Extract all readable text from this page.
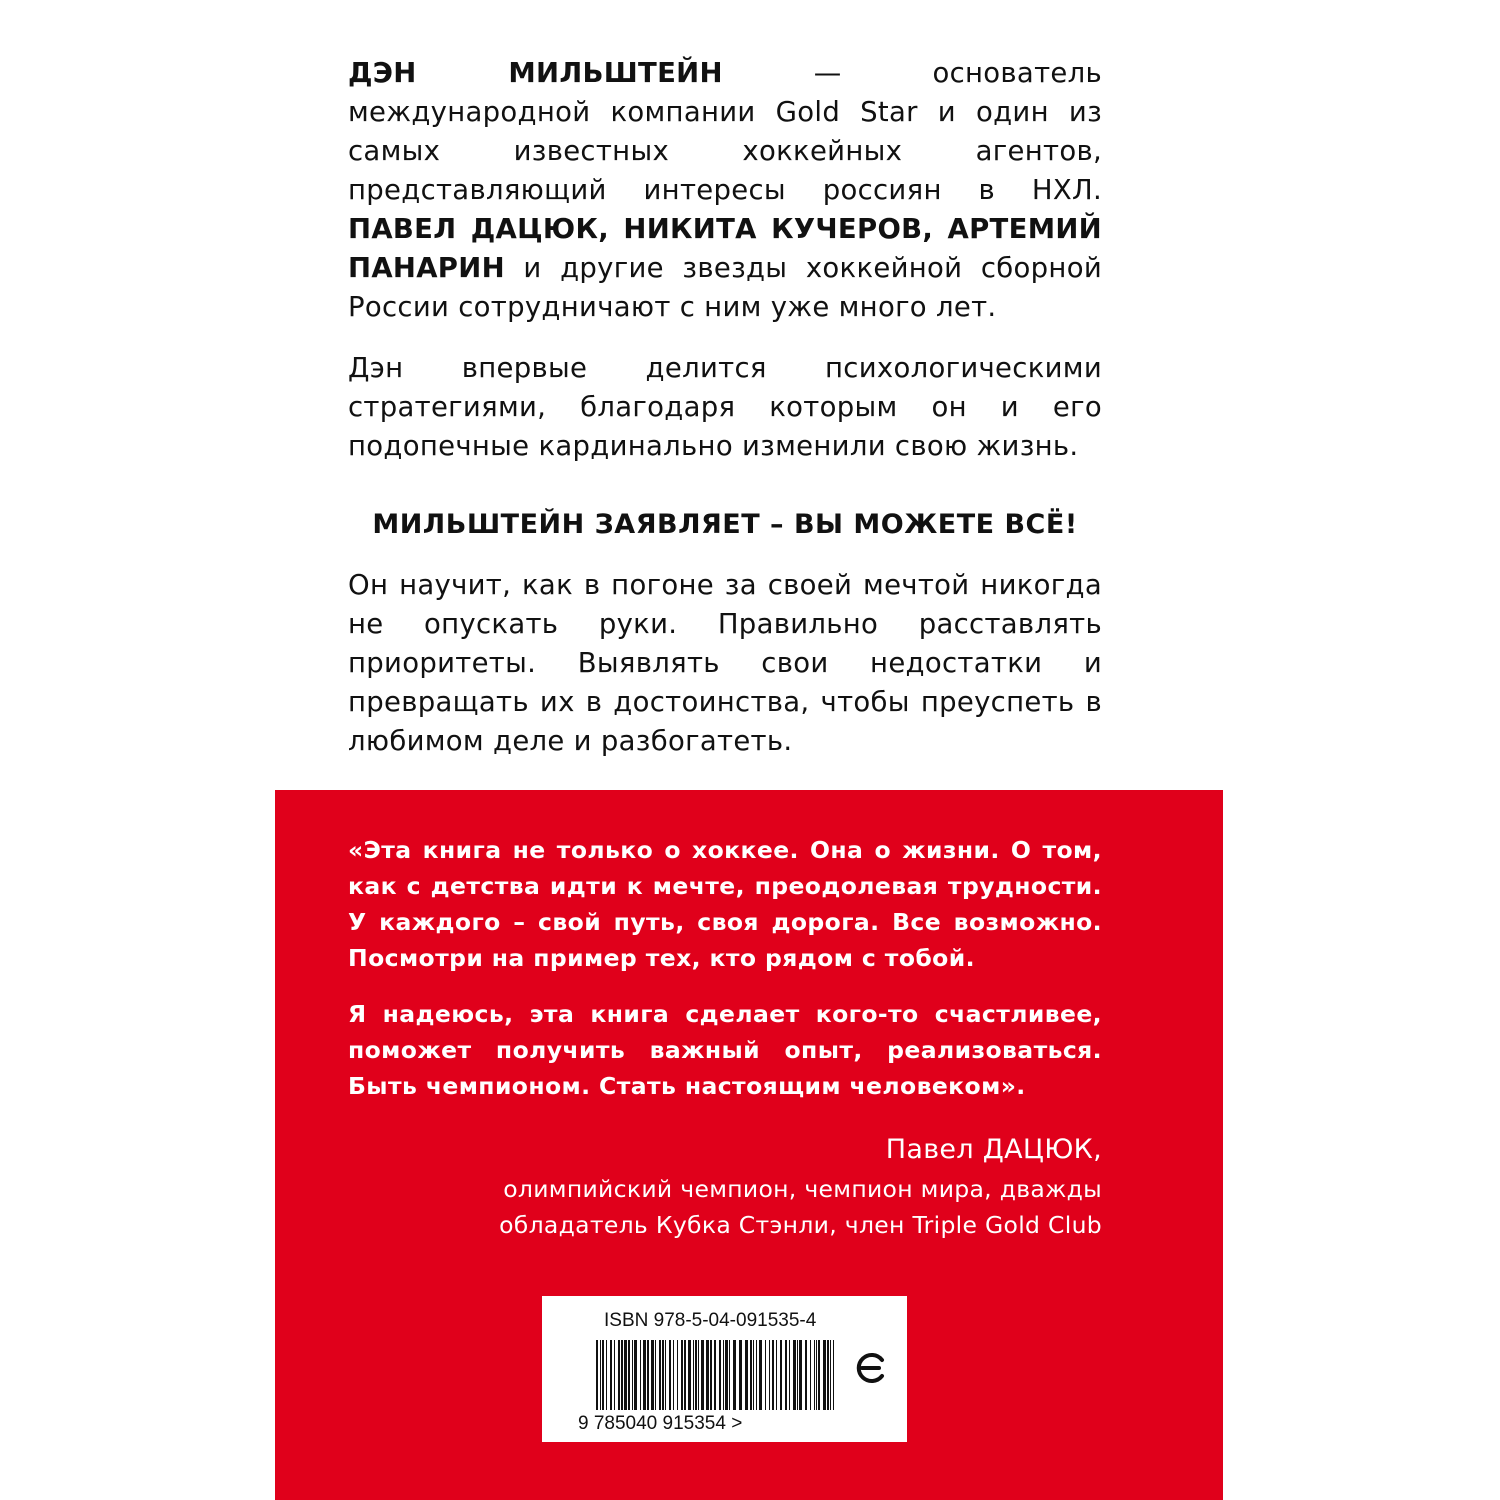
ДЭН МИЛЬШТЕЙН — основатель международной компании Gold Star и один из самых известных хоккейных агентов, представляющий интересы россиян в НХЛ. ПАВЕЛ ДАЦЮК, НИКИТА КУЧЕРОВ, АРТЕМИЙ ПАНАРИН и другие звезды хоккейной сборной России сотрудничают с ним уже много лет.

Дэн впервые делится психологическими стратегиями, благодаря которым он и его подопечные кардинально изменили свою жизнь.

МИЛЬШТЕЙН ЗАЯВЛЯЕТ – ВЫ МОЖЕТЕ ВСЁ!

Он научит, как в погоне за своей мечтой никогда не опускать руки. Правильно расставлять приоритеты. Выявлять свои недостатки и превращать их в достоинства, чтобы преуспеть в любимом деле и разбогатеть.

«Эта книга не только о хоккее. Она о жизни. О том, как с детства идти к мечте, преодолевая трудности. У каждого – свой путь, своя дорога. Все возможно. Посмотри на пример тех, кто рядом с тобой.

Я надеюсь, эта книга сделает кого-то счастливее, поможет получить важный опыт, реализоваться. Быть чемпионом. Стать настоящим человеком».

Павел ДАЦЮК,
олимпийский чемпион, чемпион мира, дважды
обладатель Кубка Стэнли, член Triple Gold Club
ISBN 978-5-04-091535-4
9 785040 915354 >
